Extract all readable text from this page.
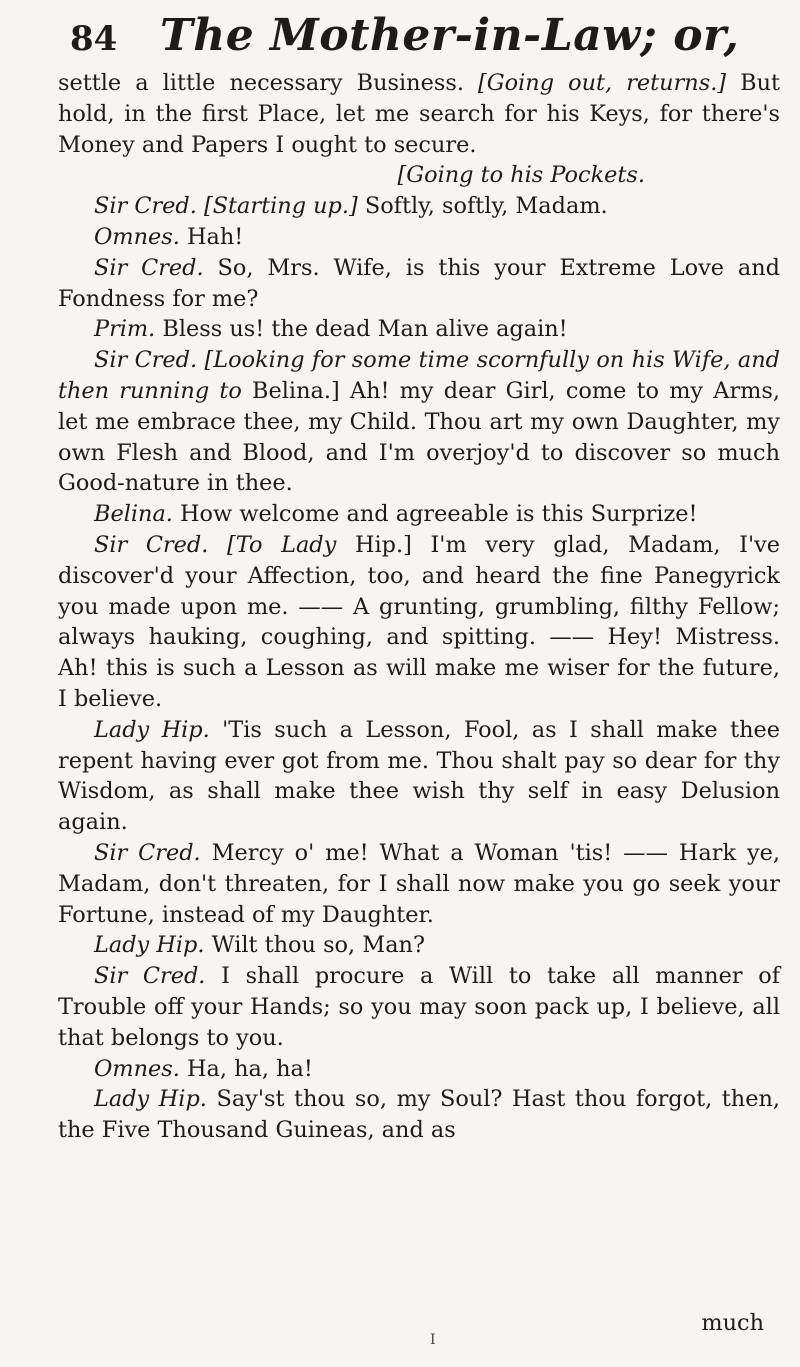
84 The Mother-in-Law; or,

settle a little necessary Business. [Going out, returns.] But hold, in the first Place, let me search for his Keys, for there's Money and Papers I ought to secure.

[Going to his Pockets.

Sir Cred. [Starting up.] Softly, softly, Madam.

Omnes. Hah!

Sir Cred. So, Mrs. Wife, is this your Extreme Love and Fondness for me?

Prim. Bless us! the dead Man alive again!

Sir Cred. [Looking for some time scornfully on his Wife, and then running to Belina.] Ah! my dear Girl, come to my Arms, let me embrace thee, my Child. Thou art my own Daughter, my own Flesh and Blood, and I'm overjoy'd to discover so much Good-nature in thee.

Belina. How welcome and agreeable is this Surprize!

Sir Cred. [To Lady Hip.] I'm very glad, Madam, I've discover'd your Affection, too, and heard the fine Panegyrick you made upon me. —— A grunting, grumbling, filthy Fellow; always hauking, coughing, and spitting. —— Hey! Mistress. Ah! this is such a Lesson as will make me wiser for the future, I believe.

Lady Hip. 'Tis such a Lesson, Fool, as I shall make thee repent having ever got from me. Thou shalt pay so dear for thy Wisdom, as shall make thee wish thy self in easy Delusion again.

Sir Cred. Mercy o' me! What a Woman 'tis! —— Hark ye, Madam, don't threaten, for I shall now make you go seek your Fortune, instead of my Daughter.

Lady Hip. Wilt thou so, Man?

Sir Cred. I shall procure a Will to take all manner of Trouble off your Hands; so you may soon pack up, I believe, all that belongs to you.

Omnes. Ha, ha, ha!

Lady Hip. Say'st thou so, my Soul? Hast thou forgot, then, the Five Thousand Guineas, and as

much
I
